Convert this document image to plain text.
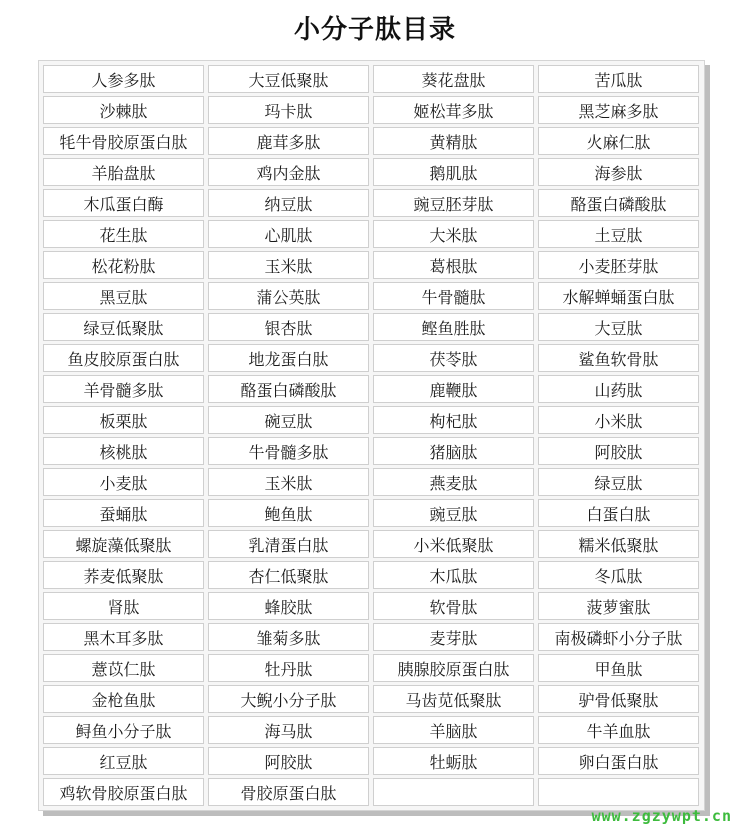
小分子肽目录
人参多肽	大豆低聚肽	葵花盘肽	苦瓜肽
沙棘肽	玛卡肽	姬松茸多肽	黑芝麻多肽
牦牛骨胶原蛋白肽	鹿茸多肽	黄精肽	火麻仁肽
羊胎盘肽	鸡内金肽	鹅肌肽	海参肽
木瓜蛋白酶	纳豆肽	豌豆胚芽肽	酪蛋白磷酸肽
花生肽	心肌肽	大米肽	土豆肽
松花粉肽	玉米肽	葛根肽	小麦胚芽肽
黑豆肽	蒲公英肽	牛骨髓肽	水解蝉蛹蛋白肽
绿豆低聚肽	银杏肽	鲣鱼胜肽	大豆肽
鱼皮胶原蛋白肽	地龙蛋白肽	茯苓肽	鲨鱼软骨肽
羊骨髓多肽	酪蛋白磷酸肽	鹿鞭肽	山药肽
板栗肽	碗豆肽	枸杞肽	小米肽
核桃肽	牛骨髓多肽	猪脑肽	阿胶肽
小麦肽	玉米肽	燕麦肽	绿豆肽
蚕蛹肽	鲍鱼肽	豌豆肽	白蛋白肽
螺旋藻低聚肽	乳清蛋白肽	小米低聚肽	糯米低聚肽
荞麦低聚肽	杏仁低聚肽	木瓜肽	冬瓜肽
肾肽	蜂胶肽	软骨肽	菠萝蜜肽
黑木耳多肽	雏菊多肽	麦芽肽	南极磷虾小分子肽
薏苡仁肽	牡丹肽	胰腺胶原蛋白肽	甲鱼肽
金枪鱼肽	大鲵小分子肽	马齿苋低聚肽	驴骨低聚肽
鲟鱼小分子肽	海马肽	羊脑肽	牛羊血肽
红豆肽	阿胶肽	牡蛎肽	卵白蛋白肽
鸡软骨胶原蛋白肽	骨胶原蛋白肽
www.zgzywpt.cn
